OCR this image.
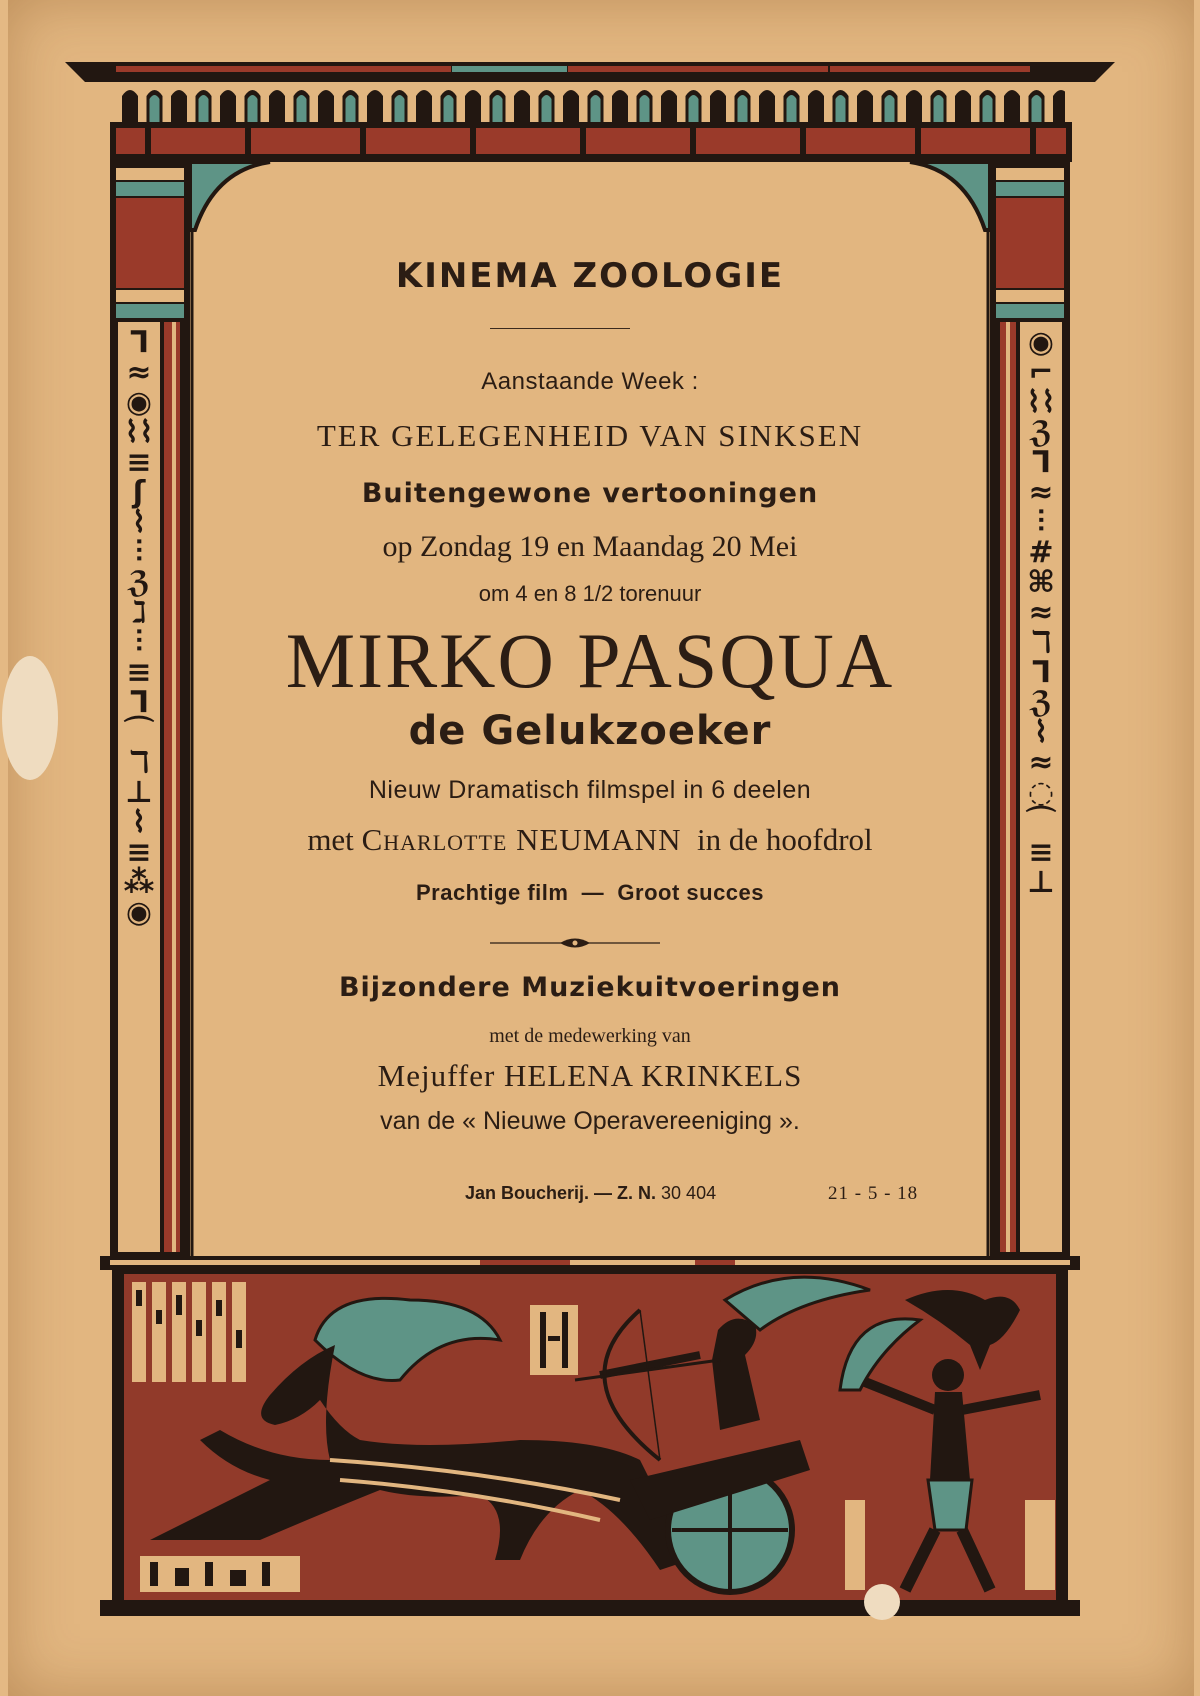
⅂
≈
◉
⌇⌇
≡
ʃ
⌇
⫶
ℨ
ℷ
⫶
≡
⅂
⌒
ℸ
⊥
⌇
≡
⁂
◉
◉
⌐
⌇⌇
ℨ
⅂
≈
⫶
#
⌘
≈
ℸ
⅂
ℨ
⌇
≈
◌
⌒
≡
⊥
KINEMA ZOOLOGIE
Aanstaande Week :
TER GELEGENHEID VAN SINKSEN
Buitengewone vertooningen
op Zondag 19 en Maandag 20 Mei
om 4 en 8 1/2 torenuur
MIRKO PASQUA
de Gelukzoeker
Nieuw Dramatisch filmspel in 6 deelen
met Charlotte NEUMANN  in de hoofdrol
Prachtige film  —  Groot succes
Bijzondere Muziekuitvoeringen
met de medewerking van
Mejuffer HELENA KRINKELS
van de « Nieuwe Operavereeniging ».
Jan Boucherij. — Z. N. 30 404	21 - 5 - 18
